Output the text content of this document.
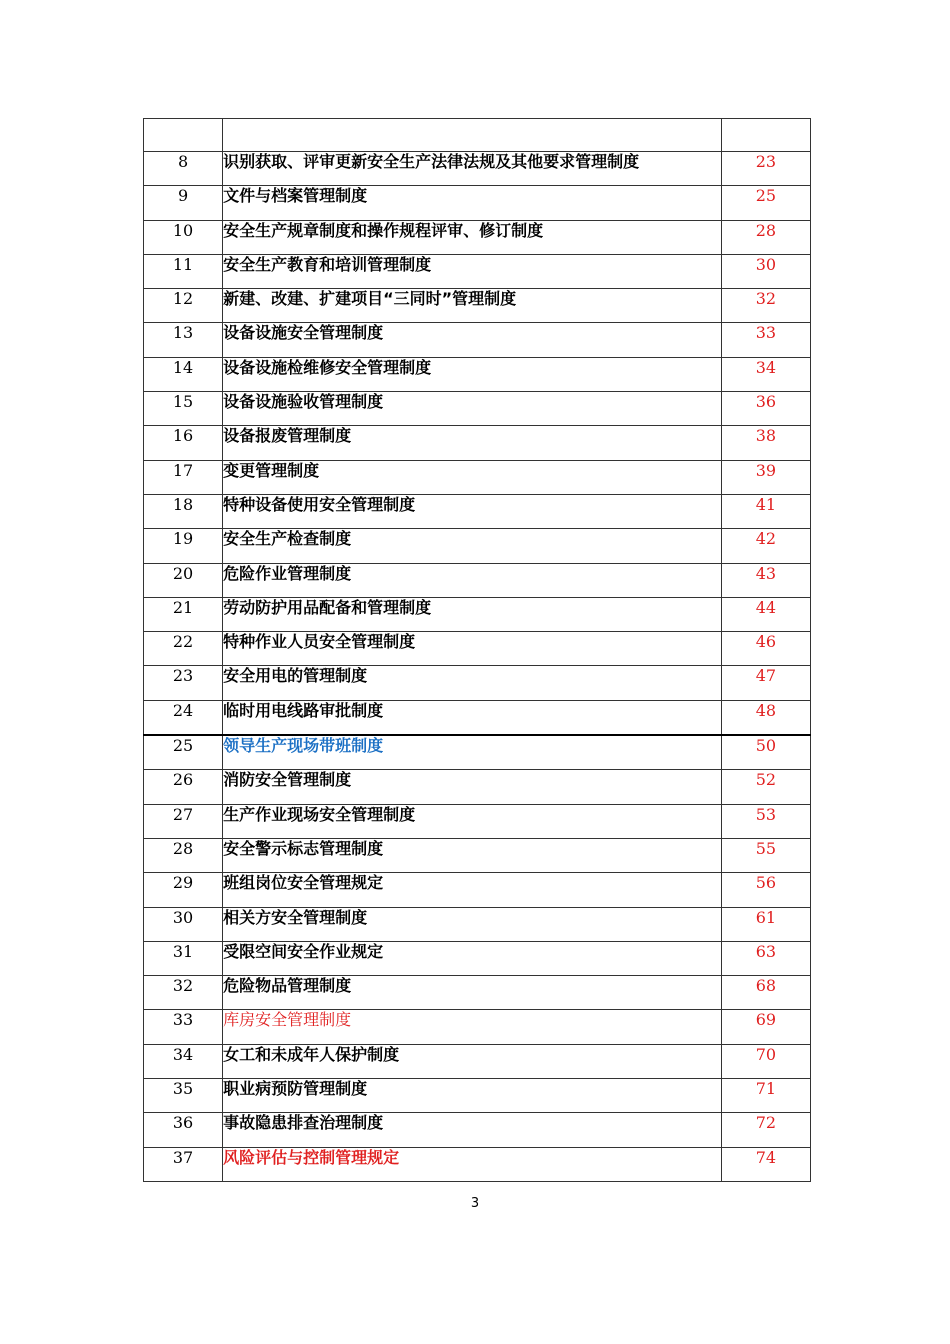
8	识别获取、评审更新安全生产法律法规及其他要求管理制度	23
9	文件与档案管理制度	25
10	安全生产规章制度和操作规程评审、修订制度	28
11	安全生产教育和培训管理制度	30
12	新建、改建、扩建项目“三同时”管理制度	32
13	设备设施安全管理制度	33
14	设备设施检维修安全管理制度	34
15	设备设施验收管理制度	36
16	设备报废管理制度	38
17	变更管理制度	39
18	特种设备使用安全管理制度	41
19	安全生产检查制度	42
20	危险作业管理制度	43
21	劳动防护用品配备和管理制度	44
22	特种作业人员安全管理制度	46
23	安全用电的管理制度	47
24	临时用电线路审批制度	48
25	领导生产现场带班制度	50
26	消防安全管理制度	52
27	生产作业现场安全管理制度	53
28	安全警示标志管理制度	55
29	班组岗位安全管理规定	56
30	相关方安全管理制度	61
31	受限空间安全作业规定	63
32	危险物品管理制度	68
33	库房安全管理制度	69
34	女工和未成年人保护制度	70
35	职业病预防管理制度	71
36	事故隐患排查治理制度	72
37	风险评估与控制管理规定	74
3
